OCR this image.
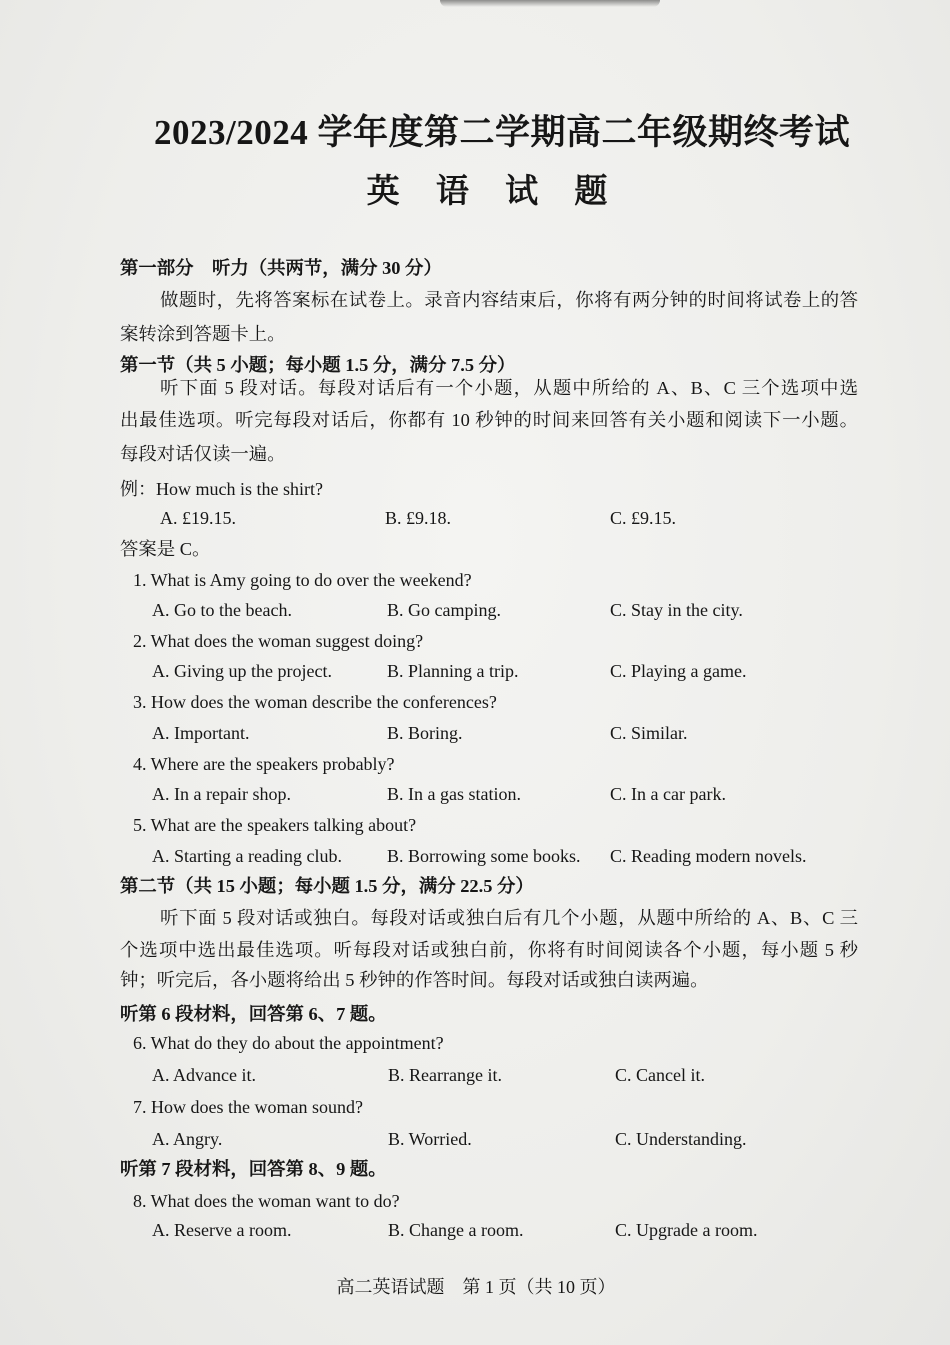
2023/2024 学年度第二学期高二年级期终考试
英 语 试 题
第一部分　听力（共两节，满分 30 分）
做题时，先将答案标在试卷上。录音内容结束后，你将有两分钟的时间将试卷上的答
案转涂到答题卡上。
第一节（共 5 小题；每小题 1.5 分，满分 7.5 分）
听下面 5 段对话。每段对话后有一个小题，从题中所给的 A、B、C 三个选项中选
出最佳选项。听完每段对话后，你都有 10 秒钟的时间来回答有关小题和阅读下一小题。
每段对话仅读一遍。
例：How much is the shirt?
A. £19.15.	B. £9.18.	C. £9.15.
答案是 C。
1. What is Amy going to do over the weekend?
A. Go to the beach.	B. Go camping.	C. Stay in the city.
2. What does the woman suggest doing?
A. Giving up the project.	B. Planning a trip.	C. Playing a game.
3. How does the woman describe the conferences?
A. Important.	B. Boring.	C. Similar.
4. Where are the speakers probably?
A. In a repair shop.	B. In a gas station.	C. In a car park.
5. What are the speakers talking about?
A. Starting a reading club.	B. Borrowing some books. C. Reading modern novels.
第二节（共 15 小题；每小题 1.5 分，满分 22.5 分）
听下面 5 段对话或独白。每段对话或独白后有几个小题，从题中所给的 A、B、C 三
个选项中选出最佳选项。听每段对话或独白前，你将有时间阅读各个小题，每小题 5 秒
钟；听完后，各小题将给出 5 秒钟的作答时间。每段对话或独白读两遍。
听第 6 段材料，回答第 6、7 题。
6. What do they do about the appointment?
A. Advance it.	B. Rearrange it.	C. Cancel it.
7. How does the woman sound?
A. Angry.	B. Worried.	C. Understanding.
听第 7 段材料，回答第 8、9 题。
8. What does the woman want to do?
A. Reserve a room.	B. Change a room.	C. Upgrade a room.
高二英语试题　第 1 页（共 10 页）
